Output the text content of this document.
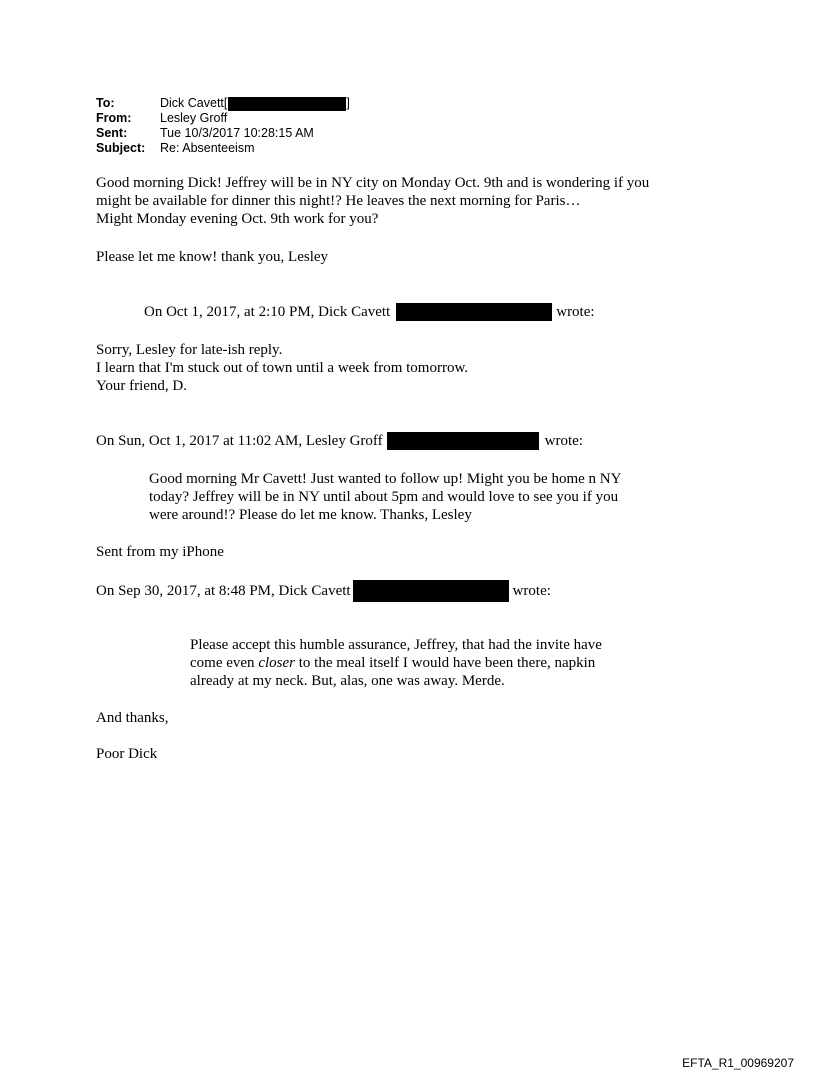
To:	Dick Cavett[	]
From:	Lesley Groff
Sent:	Tue 10/3/2017 10:28:15 AM
Subject:	Re: Absenteeism
Good morning Dick! Jeffrey will be in NY city on Monday Oct. 9th and is wondering if you
might be available for dinner this night!? He leaves the next morning for Paris…
Might Monday evening Oct. 9th work for you?
Please let me know! thank you, Lesley
On Oct 1, 2017, at 2:10 PM, Dick Cavett	wrote:
Sorry, Lesley for late-ish reply.
I learn that I'm stuck out of town until a week from tomorrow.
Your friend, D.
On Sun, Oct 1, 2017 at 11:02 AM, Lesley Groff	wrote:
Good morning Mr Cavett! Just wanted to follow up! Might you be home n NY
today? Jeffrey will be in NY until about 5pm and would love to see you if you
were around!? Please do let me know. Thanks, Lesley
Sent from my iPhone
On Sep 30, 2017, at 8:48 PM, Dick Cavett	wrote:
Please accept this humble assurance, Jeffrey, that had the invite have
come even closer to the meal itself I would have been there, napkin
already at my neck. But, alas, one was away. Merde.
And thanks,
Poor Dick
EFTA_R1_00969207
